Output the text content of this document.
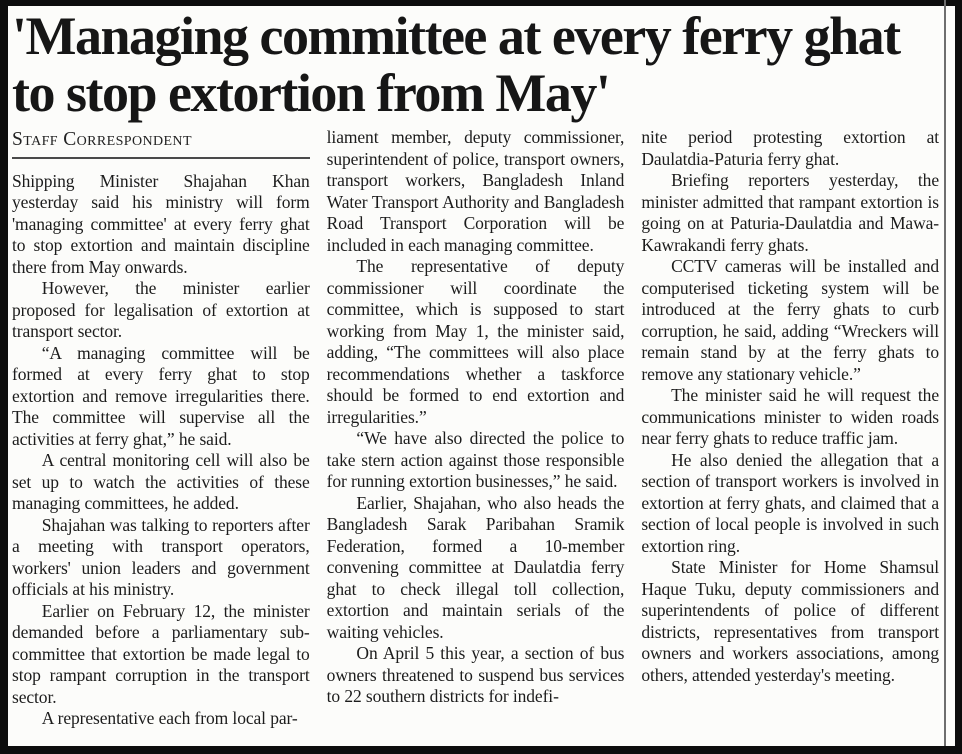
'Managing committee at every ferry ghat to stop extortion from May'
Staff Correspondent

Shipping Minister Shajahan Khan yesterday said his ministry will form 'managing committee' at every ferry ghat to stop extortion and maintain discipline there from May onwards.

However, the minister earlier proposed for legalisation of extortion at transport sector.

“A managing committee will be formed at every ferry ghat to stop extortion and remove irregularities there. The committee will supervise all the activities at ferry ghat,” he said.

A central monitoring cell will also be set up to watch the activities of these managing committees, he added.

Shajahan was talking to reporters after a meeting with transport operators, workers' union leaders and government officials at his ministry.

Earlier on February 12, the minister demanded before a parliamentary sub-committee that extortion be made legal to stop rampant corruption in the transport sector.

A representative each from local par-

liament member, deputy commissioner, superintendent of police, transport owners, transport workers, Bangladesh Inland Water Transport Authority and Bangladesh Road Transport Corporation will be included in each managing committee.

The representative of deputy commissioner will coordinate the committee, which is supposed to start working from May 1, the minister said, adding, “The committees will also place recommendations whether a taskforce should be formed to end extortion and irregularities.”

“We have also directed the police to take stern action against those responsible for running extortion businesses,” he said.

Earlier, Shajahan, who also heads the Bangladesh Sarak Paribahan Sramik Federation, formed a 10-member convening committee at Daulatdia ferry ghat to check illegal toll collection, extortion and maintain serials of the waiting vehicles.

On April 5 this year, a section of bus owners threatened to suspend bus services to 22 southern districts for indefi-

nite period protesting extortion at Daulatdia-Paturia ferry ghat.

Briefing reporters yesterday, the minister admitted that rampant extortion is going on at Paturia-Daulatdia and Mawa-Kawrakandi ferry ghats.

CCTV cameras will be installed and computerised ticketing system will be introduced at the ferry ghats to curb corruption, he said, adding “Wreckers will remain stand by at the ferry ghats to remove any stationary vehicle.”

The minister said he will request the communications minister to widen roads near ferry ghats to reduce traffic jam.

He also denied the allegation that a section of transport workers is involved in extortion at ferry ghats, and claimed that a section of local people is involved in such extortion ring.

State Minister for Home Shamsul Haque Tuku, deputy commissioners and superintendents of police of different districts, representatives from transport owners and workers associations, among others, attended yesterday's meeting.
